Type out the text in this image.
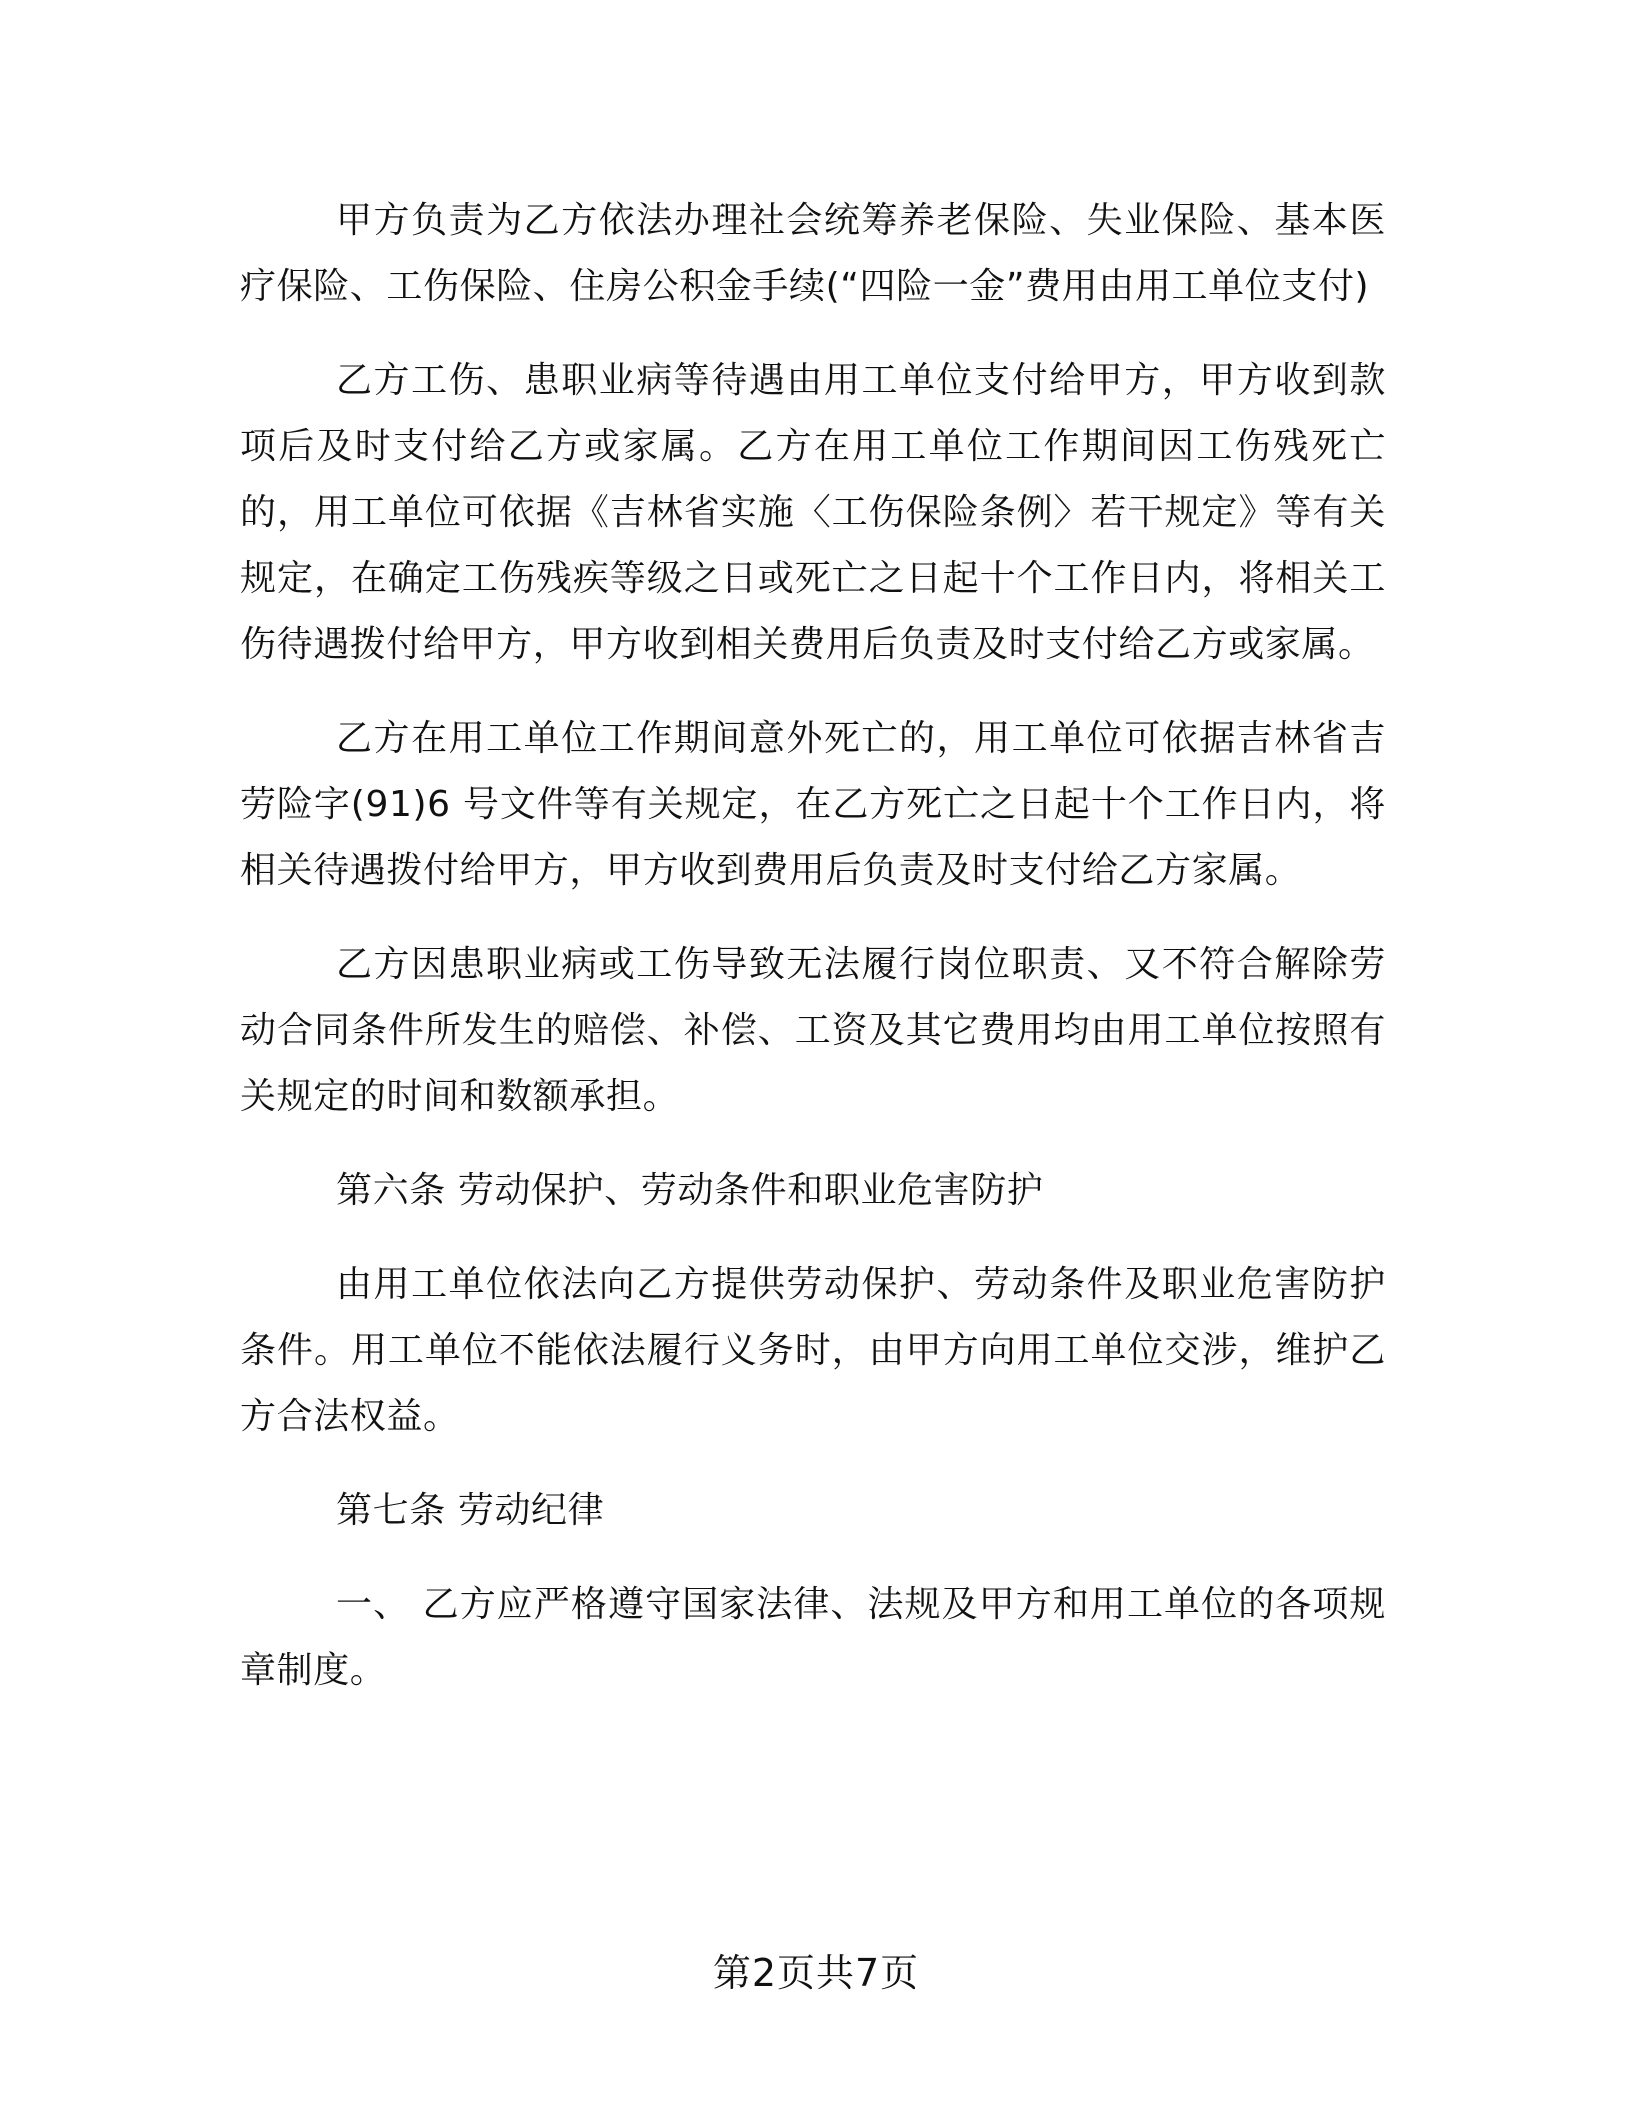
甲方负责为乙方依法办理社会统筹养老保险、失业保险、基本医疗保险、工伤保险、住房公积金手续(“四险一金”费用由用工单位支付)

乙方工伤、患职业病等待遇由用工单位支付给甲方，甲方收到款项后及时支付给乙方或家属。乙方在用工单位工作期间因工伤残死亡的，用工单位可依据《吉林省实施〈工伤保险条例〉若干规定》等有关规定，在确定工伤残疾等级之日或死亡之日起十个工作日内，将相关工伤待遇拨付给甲方，甲方收到相关费用后负责及时支付给乙方或家属。

乙方在用工单位工作期间意外死亡的，用工单位可依据吉林省吉劳险字(91)6 号文件等有关规定，在乙方死亡之日起十个工作日内，将相关待遇拨付给甲方，甲方收到费用后负责及时支付给乙方家属。

乙方因患职业病或工伤导致无法履行岗位职责、又不符合解除劳动合同条件所发生的赔偿、补偿、工资及其它费用均由用工单位按照有关规定的时间和数额承担。

第六条 劳动保护、劳动条件和职业危害防护

由用工单位依法向乙方提供劳动保护、劳动条件及职业危害防护条件。用工单位不能依法履行义务时，由甲方向用工单位交涉，维护乙方合法权益。

第七条 劳动纪律

一、 乙方应严格遵守国家法律、法规及甲方和用工单位的各项规章制度。

第2页共7页
